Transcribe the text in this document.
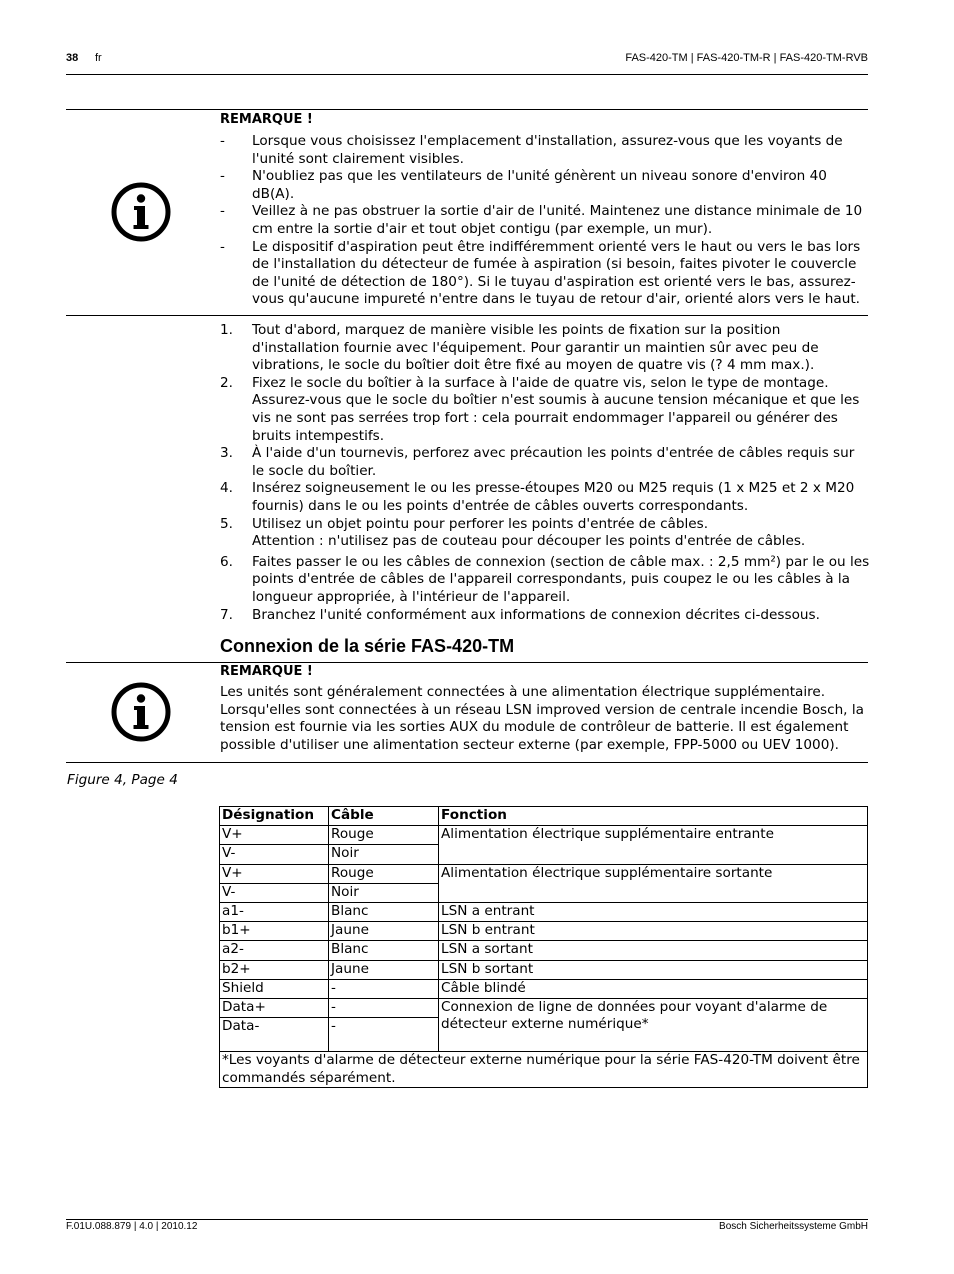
38 fr	FAS-420-TM | FAS-420-TM-R | FAS-420-TM-RVB
REMARQUE !
- Lorsque vous choisissez l'emplacement d'installation, assurez-vous que les voyants de l'unité sont clairement visibles.
- N'oubliez pas que les ventilateurs de l'unité génèrent un niveau sonore d'environ 40 dB(A).
- Veillez à ne pas obstruer la sortie d'air de l'unité. Maintenez une distance minimale de 10 cm entre la sortie d'air et tout objet contigu (par exemple, un mur).
- Le dispositif d'aspiration peut être indifféremment orienté vers le haut ou vers le bas lors de l'installation du détecteur de fumée à aspiration (si besoin, faites pivoter le couvercle de l'unité de détection de 180°). Si le tuyau d'aspiration est orienté vers le bas, assurez-vous qu'aucune impureté n'entre dans le tuyau de retour d'air, orienté alors vers le haut.
1. Tout d'abord, marquez de manière visible les points de fixation sur la position d'installation fournie avec l'équipement. Pour garantir un maintien sûr avec peu de vibrations, le socle du boîtier doit être fixé au moyen de quatre vis (? 4 mm max.).
2. Fixez le socle du boîtier à la surface à l'aide de quatre vis, selon le type de montage. Assurez-vous que le socle du boîtier n'est soumis à aucune tension mécanique et que les vis ne sont pas serrées trop fort : cela pourrait endommager l'appareil ou générer des bruits intempestifs.
3. À l'aide d'un tournevis, perforez avec précaution les points d'entrée de câbles requis sur le socle du boîtier.
4. Insérez soigneusement le ou les presse-étoupes M20 ou M25 requis (1 x M25 et 2 x M20 fournis) dans le ou les points d'entrée de câbles ouverts correspondants.
5. Utilisez un objet pointu pour perforer les points d'entrée de câbles.
Attention : n'utilisez pas de couteau pour découper les points d'entrée de câbles.
6. Faites passer le ou les câbles de connexion (section de câble max. : 2,5 mm²) par le ou les points d'entrée de câbles de l'appareil correspondants, puis coupez le ou les câbles à la longueur appropriée, à l'intérieur de l'appareil.
7. Branchez l'unité conformément aux informations de connexion décrites ci-dessous.
Connexion de la série FAS-420-TM
REMARQUE !
Les unités sont généralement connectées à une alimentation électrique supplémentaire. Lorsqu'elles sont connectées à un réseau LSN improved version de centrale incendie Bosch, la tension est fournie via les sorties AUX du module de contrôleur de batterie. Il est également possible d'utiliser une alimentation secteur externe (par exemple, FPP-5000 ou UEV 1000).
Figure 4, Page 4
Désignation	Câble	Fonction
V+	Rouge	Alimentation électrique supplémentaire entrante
V-	Noir	
V+	Rouge	Alimentation électrique supplémentaire sortante
V-	Noir	
a1-	Blanc	LSN a entrant
b1+	Jaune	LSN b entrant
a2-	Blanc	LSN a sortant
b2+	Jaune	LSN b sortant
Shield	-	Câble blindé
Data+	-	Connexion de ligne de données pour voyant d'alarme de détecteur externe numérique*
Data-	-	
*Les voyants d'alarme de détecteur externe numérique pour la série FAS-420-TM doivent être commandés séparément.		
F.01U.088.879 | 4.0 | 2010.12	Bosch Sicherheitssysteme GmbH
